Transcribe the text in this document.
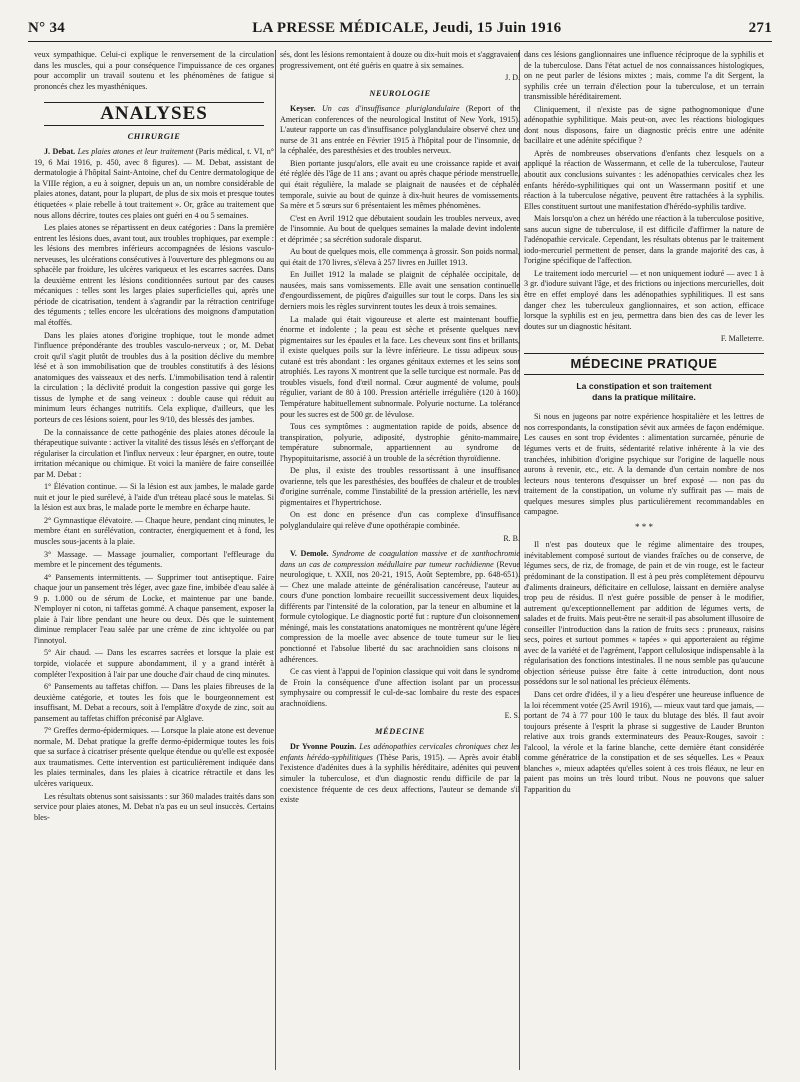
N° 34	LA PRESSE MÉDICALE, Jeudi, 15 Juin 1916	271

veux sympathique. Celui-ci explique le renversement de la circulation dans les muscles, qui a pour conséquence l'impuissance de ces organes pour accomplir un travail soutenu et les phénomènes de fatigue si prononcés chez les myasthéniques.

ANALYSES
CHIRURGIE

J. Debat. Les plaies atones et leur traitement (Paris médical, t. VI, n° 19, 6 Mai 1916, p. 450, avec 8 figures). — M. Debat, assistant de dermatologie à l'hôpital Saint-Antoine, chef du Centre dermatologique de la VIIIe région, a eu à soigner, depuis un an, un nombre considérable de plaies atones, datant, pour la plupart, de plus de six mois et presque toutes étiquetées « plaie rebelle à tout traitement ». Or, grâce au traitement que nous allons décrire, toutes ces plaies ont guéri en 4 ou 5 semaines.

Les plaies atones se répartissent en deux catégories : Dans la première entrent les lésions dues, avant tout, aux troubles trophiques, par exemple : les lésions des membres inférieurs accompagnées de lésions vasculo-nerveuses, les ulcérations consécutives à l'ouverture des phlegmons ou au sphacèle par froidure, les ulcères variqueux et les escarres sacrées. Dans la deuxième entrent les lésions conditionnées surtout par des causes mécaniques : telles sont les larges plaies superficielles qui, après une période de cicatrisation, tendent à s'agrandir par la rétraction centrifuge des téguments ; telles encore les ulcérations des moignons d'amputation mal étoffés.

Dans les plaies atones d'origine trophique, tout le monde admet l'influence prépondérante des troubles vasculo-nerveux ; or, M. Debat croit qu'il s'agit plutôt de troubles dus à la position déclive du membre lésé et à son immobilisation que de troubles constitutifs à des lésions anatomiques des vaisseaux et des nerfs. L'immobilisation tend à ralentir la circulation ; la déclivité produit la congestion passive qui gorge les tissus de lymphe et de sang veineux : double cause qui réduit au minimum leurs échanges nutritifs. Cela explique, d'ailleurs, que les porteurs de ces lésions soient, pour les 9/10, des blessés des jambes.

De la connaissance de cette pathogénie des plaies atones découle la thérapeutique suivante : activer la vitalité des tissus lésés en s'efforçant de régulariser la circulation et l'influx nerveux : leur épargner, en outre, toute irritation mécanique ou chimique. Et voici la manière de faire conseillée par M. Debat :

1° Élévation continue. — Si la lésion est aux jambes, le malade garde nuit et jour le pied surélevé, à l'aide d'un tréteau placé sous le matelas. Si la lésion est aux bras, le malade porte le membre en écharpe haute.

2° Gymnastique élévatoire. — Chaque heure, pendant cinq minutes, le membre étant en surélévation, contracter, énergiquement et à fond, les muscles sous-jacents à la plaie.

3° Massage. — Massage journalier, comportant l'effleurage du membre et le pincement des téguments.

4° Pansements intermittents. — Supprimer tout antiseptique. Faire chaque jour un pansement très léger, avec gaze fine, imbibée d'eau salée à 9 p. 1.000 ou de sérum de Locke, et maintenue par une bande. N'employer ni coton, ni taffetas gommé. A chaque pansement, exposer la plaie à l'air libre pendant une heure ou deux. Dès que le suintement diminue remplacer l'eau salée par une crème de zinc ichtyolée ou par l'innotyol.

5° Air chaud. — Dans les escarres sacrées et lorsque la plaie est torpide, violacée et suppure abondamment, il y a grand intérêt à compléter l'exposition à l'air par une douche d'air chaud de cinq minutes.

6° Pansements au taffetas chiffon. — Dans les plaies fibreuses de la deuxième catégorie, et toutes les fois que le bourgeonnement est insuffisant, M. Debat a recours, soit à l'emplâtre d'oxyde de zinc, soit au pansement au taffetas chiffon préconisé par Alglave.

7° Greffes dermo-épidermiques. — Lorsque la plaie atone est devenue normale, M. Debat pratique la greffe dermo-épidermique toutes les fois que sa surface à cicatriser présente quelque étendue ou qu'elle est exposée aux traumatismes. Cette intervention est particulièrement indiquée dans les plaies terminales, dans les plaies à cicatrice rétractile et dans les ulcères variqueux.

Les résultats obtenus sont saisissants : sur 360 malades traités dans son service pour plaies atones, M. Debat n'a pas eu un seul insuccès. Certains bles-

sés, dont les lésions remontaient à douze ou dix-huit mois et s'aggravaient progressivement, ont été guéris en quatre à six semaines.

J. D.
NEUROLOGIE

Keyser. Un cas d'insuffisance pluriglandulaire (Report of the American conferences of the neurological Institut of New York, 1915). L'auteur rapporte un cas d'insuffisance polyglandulaire observé chez une nurse de 31 ans entrée en Février 1915 à l'hôpital pour de l'insomnie, de la céphalée, des paresthésies et des troubles nerveux.

Bien portante jusqu'alors, elle avait eu une croissance rapide et avait été réglée dès l'âge de 11 ans ; avant ou après chaque période menstruelle, qui était régulière, la malade se plaignait de nausées et de céphalée temporale, suivie au bout de quinze à dix-huit heures de vomissements. Sa mère et 5 sœurs sur 6 présentaient les mêmes phénomènes.

C'est en Avril 1912 que débutaient soudain les troubles nerveux, avec de l'insomnie. Au bout de quelques semaines la malade devint indolente et déprimée ; sa sécrétion sudorale disparut.

Au bout de quelques mois, elle commença à grossir. Son poids normal, qui était de 170 livres, s'éleva à 257 livres en Juillet 1913.

En Juillet 1912 la malade se plaignit de céphalée occipitale, de nausées, mais sans vomissements. Elle avait une sensation continuelle d'engourdissement, de piqûres d'aiguilles sur tout le corps. Dans les six derniers mois les règles survinrent toutes les deux à trois semaines.

La malade qui était vigoureuse et alerte est maintenant bouffie, énorme et indolente ; la peau est sèche et présente quelques nævi pigmentaires sur les épaules et la face. Les cheveux sont fins et brillants, il existe quelques poils sur la lèvre inférieure. Le tissu adipeux sous-cutané est très abondant : les organes génitaux externes et les seins sont atrophiés. Les rayons X montrent que la selle turcique est normale. Pas de troubles visuels, fond d'œil normal. Cœur augmenté de volume, pouls régulier, variant de 80 à 100. Pression artérielle irrégulière (120 à 160). Température habituellement subnormale. Polyurie nocturne. La tolérance pour les sucres est de 500 gr. de lévulose.

Tous ces symptômes : augmentation rapide de poids, absence de transpiration, polyurie, adiposité, dystrophie génito-mammaire, température subnormale, appartiennent au syndrome de l'hypopituitarisme, associé à un trouble de la sécrétion thyroïdienne.

De plus, il existe des troubles ressortissant à une insuffisance ovarienne, tels que les paresthésies, des bouffées de chaleur et de troubles d'origine surrénale, comme l'instabilité de la pression artérielle, les nævi pigmentaires et l'hypertrichose.

On est donc en présence d'un cas complexe d'insuffisance polyglandulaire qui relève d'une opothérapie combinée.

R. B.

V. Demole. Syndrome de coagulation massive et de xanthochromie dans un cas de compression médullaire par tumeur rachidienne (Revue neurologique, t. XXII, nos 20-21, 1915, Août Septembre, pp. 648-651). — Chez une malade atteinte de généralisation cancéreuse, l'auteur au cours d'une ponction lombaire recueillit successivement deux liquides, différents par l'intensité de la coloration, par la teneur en albumine et la formule cytologique. Le diagnostic porté fut : rupture d'un cloisonnement méningé, mais les constatations anatomiques ne montrèrent qu'une légère compression de la moelle avec absence de toute tumeur sur le lieu ponctionné et l'absolue liberté du sac arachnoïdien sans cloisons ni adhérences.

Ce cas vient à l'appui de l'opinion classique qui voit dans le syndrome de Froin la conséquence d'une affection isolant par un processus symphysaire ou compressif le cul-de-sac lombaire du reste des espaces arachnoïdiens.

E. S.
MÉDECINE

Dr Yvonne Pouzin. Les adénopathies cervicales chroniques chez les enfants hérédo-syphilitiques (Thèse Paris, 1915). — Après avoir établi l'existence d'adénites dues à la syphilis héréditaire, adénites qui peuvent simuler la tuberculose, et d'un diagnostic rendu difficile de par la coexistence fréquente de ces deux affections, l'auteur se demande s'il existe

dans ces lésions ganglionnaires une influence réciproque de la syphilis et de la tuberculose. Dans l'état actuel de nos connaissances histologiques, on ne peut parler de lésions mixtes ; mais, comme l'a dit Sergent, la syphilis crée un terrain d'élection pour la tuberculose, et un terrain transmissible héréditairement.

Cliniquement, il n'existe pas de signe pathognomonique d'une adénopathie syphilitique. Mais peut-on, avec les réactions biologiques dont nous disposons, faire un diagnostic précis entre une adénite bacillaire et une adénite spécifique ?

Après de nombreuses observations d'enfants chez lesquels on a appliqué la réaction de Wassermann, et celle de la tuberculose, l'auteur aboutit aux conclusions suivantes : les adénopathies cervicales chez les enfants hérédo-syphilitiques qui ont un Wassermann positif et une réaction à la tuberculose négative, peuvent être rattachées à la syphilis. Elles constituent surtout une manifestation d'hérédo-syphilis tardive.

Mais lorsqu'on a chez un hérédo une réaction à la tuberculose positive, sans aucun signe de tuberculose, il est difficile d'affirmer la nature de l'adénopathie cervicale. Cependant, les résultats obtenus par le traitement iodo-mercuriel permettent de penser, dans la grande majorité des cas, à l'origine spécifique de l'affection.

Le traitement iodo mercuriel — et non uniquement ioduré — avec 1 à 3 gr. d'iodure suivant l'âge, et des frictions ou injections mercurielles, doit être en effet employé dans les adénopathies syphilitiques. Il est sans danger chez les tuberculeux ganglionnaires, et son action, efficace lorsque la syphilis est en jeu, permettra dans bien des cas de lever les doutes sur un diagnostic hésitant.

F. Malleterre.
MÉDECINE PRATIQUE
La constipation et son traitement
dans la pratique militaire.

Si nous en jugeons par notre expérience hospitalière et les lettres de nos correspondants, la constipation sévit aux armées de façon endémique. Les causes en sont trop évidentes : alimentation surcarnée, pénurie de légumes verts et de fruits, sédentarité relative inhérente à la vie des tranchées, inhibition d'origine psychique sur l'origine de laquelle nous aurons à revenir, etc., etc. A la demande d'un certain nombre de nos lecteurs nous tenterons d'esquisser un bref exposé — non pas du traitement de la constipation, un volume n'y suffirait pas — mais de quelques mesures simples plus particulièrement recommandables en campagne.

* * *

Il n'est pas douteux que le régime alimentaire des troupes, inévitablement composé surtout de viandes fraîches ou de conserve, de légumes secs, de riz, de fromage, de pain et de vin rouge, est le facteur prédominant de la constipation. Il est à peu près complètement dépourvu d'aliments draineurs, déficitaire en cellulose, laissant en dernière analyse trop peu de résidus. Il n'est guère possible de penser à le modifier, autrement qu'exceptionnellement par addition de légumes verts, de salades et de fruits. Mais peut-être ne serait-il pas absolument illusoire de conseiller l'introduction dans la ration de fruits secs : pruneaux, raisins secs, poires et surtout pommes « tapées » qui apporteraient au régime avec de la variété et de l'agrément, l'apport cellulosique indispensable à la régularisation des fonctions intestinales. Il ne nous semble pas qu'aucune objection sérieuse puisse être faite à cette introduction, dont nous possédons sur le sol national les précieux éléments.

Dans cet ordre d'idées, il y a lieu d'espérer une heureuse influence de la loi récemment votée (25 Avril 1916), — mieux vaut tard que jamais, — portant de 74 à 77 pour 100 le taux du blutage des blés. Il faut avoir toujours présente à l'esprit la phrase si suggestive de Lauder Brunton relative aux trois grands exterminateurs des Peaux-Rouges, savoir : l'alcool, la vérole et la farine blanche, cette dernière étant considérée comme génératrice de la constipation et de ses séquelles. Les « Peaux blanches », mieux adaptées qu'elles soient à ces trois fléaux, ne leur en paient pas moins un très lourd tribut. Nous ne pouvons que saluer l'apparition du
